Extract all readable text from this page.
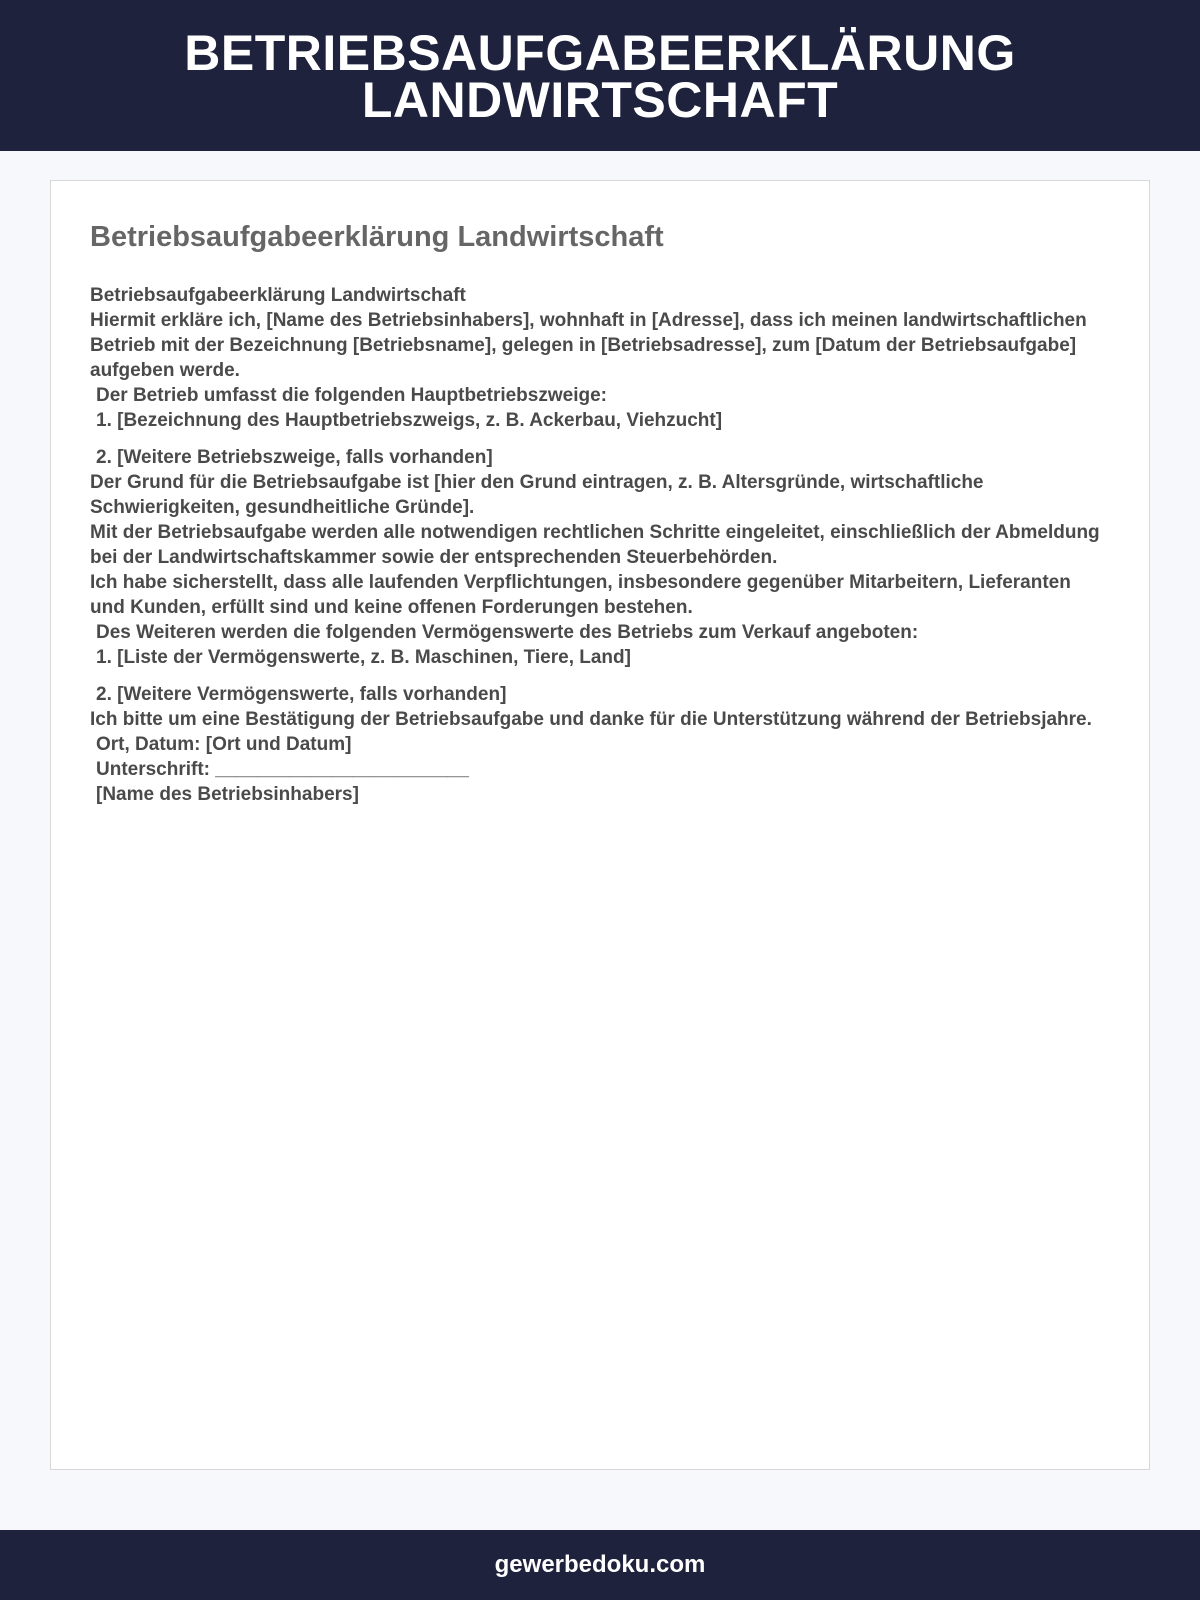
BETRIEBSAUFGABEERKLÄRUNG
LANDWIRTSCHAFT
Betriebsaufgabeerklärung Landwirtschaft

Betriebsaufgabeerklärung Landwirtschaft

Hiermit erkläre ich, [Name des Betriebsinhabers], wohnhaft in [Adresse], dass ich meinen landwirtschaftlichen Betrieb mit der Bezeichnung [Betriebsname], gelegen in [Betriebsadresse], zum [Datum der Betriebsaufgabe] aufgeben werde.

Der Betrieb umfasst die folgenden Hauptbetriebszweige:

1. [Bezeichnung des Hauptbetriebszweigs, z. B. Ackerbau, Viehzucht]

2. [Weitere Betriebszweige, falls vorhanden]

Der Grund für die Betriebsaufgabe ist [hier den Grund eintragen, z. B. Altersgründe, wirtschaftliche Schwierigkeiten, gesundheitliche Gründe].

Mit der Betriebsaufgabe werden alle notwendigen rechtlichen Schritte eingeleitet, einschließlich der Abmeldung bei der Landwirtschaftskammer sowie der entsprechenden Steuerbehörden.

Ich habe sicherstellt, dass alle laufenden Verpflichtungen, insbesondere gegenüber Mitarbeitern, Lieferanten und Kunden, erfüllt sind und keine offenen Forderungen bestehen.

Des Weiteren werden die folgenden Vermögenswerte des Betriebs zum Verkauf angeboten:

1. [Liste der Vermögenswerte, z. B. Maschinen, Tiere, Land]

2. [Weitere Vermögenswerte, falls vorhanden]

Ich bitte um eine Bestätigung der Betriebsaufgabe und danke für die Unterstützung während der Betriebsjahre.

Ort, Datum: [Ort und Datum]

Unterschrift: ________________________

[Name des Betriebsinhabers]

gewerbedoku.com
